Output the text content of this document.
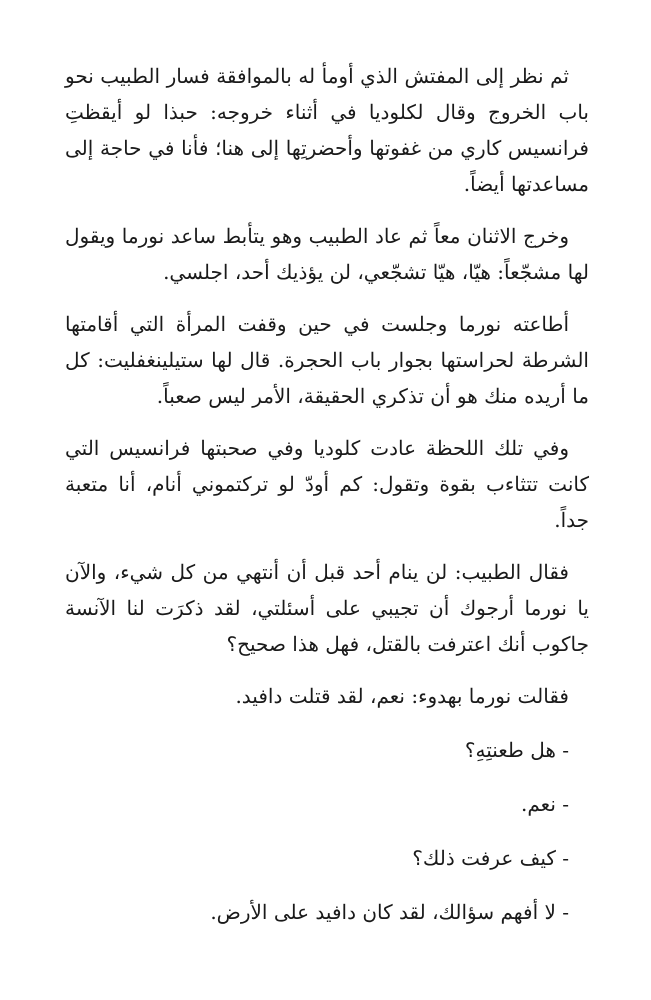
ثم نظر إلى المفتش الذي أومأ له بالموافقة فسار الطبيب نحو باب الخروج وقال لكلوديا في أثناء خروجه: حبذا لو أيقظتِ فرانسيس كاري من غفوتها وأحضرتِها إلى هنا؛ فأنا في حاجة إلى مساعدتها أيضاً.

وخرج الاثنان معاً ثم عاد الطبيب وهو يتأبط ساعد نورما ويقول لها مشجّعاً: هيّا، هيّا تشجّعي، لن يؤذيك أحد، اجلسي.

أطاعته نورما وجلست في حين وقفت المرأة التي أقامتها الشرطة لحراستها بجوار باب الحجرة. قال لها ستيلينغفليت: كل ما أريده منك هو أن تذكري الحقيقة، الأمر ليس صعباً.

وفي تلك اللحظة عادت كلوديا وفي صحبتها فرانسيس التي كانت تتثاءب بقوة وتقول: كم أودّ لو تركتموني أنام، أنا متعبة جداً.

فقال الطبيب: لن ينام أحد قبل أن أنتهي من كل شيء، والآن يا نورما أرجوك أن تجيبي على أسئلتي، لقد ذكرَت لنا الآنسة جاكوب أنك اعترفت بالقتل، فهل هذا صحيح؟

فقالت نورما بهدوء: نعم، لقد قتلت دافيد.

- هل طعنتِهِ؟

- نعم.

- كيف عرفت ذلك؟

- لا أفهم سؤالك، لقد كان دافيد على الأرض.
